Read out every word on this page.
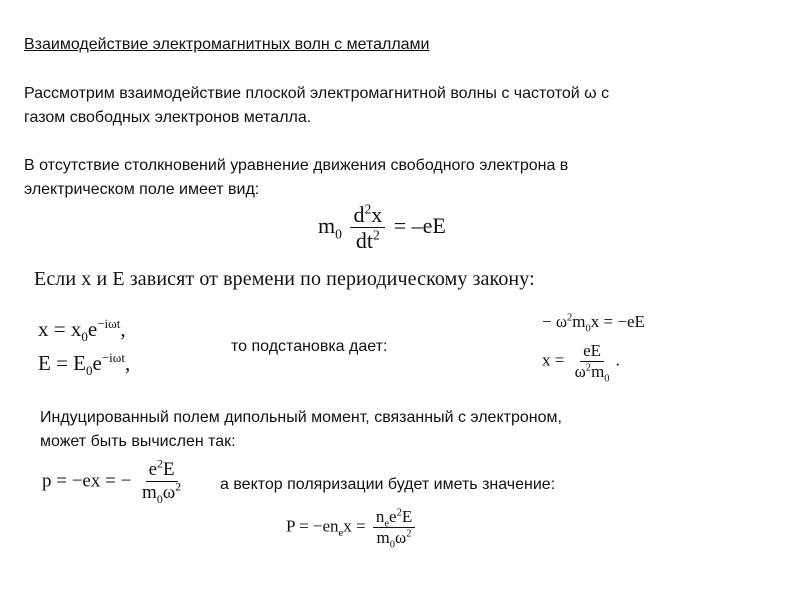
Взаимодействие электромагнитных волн с металлами
Рассмотрим взаимодействие плоской электромагнитной волны с частотой ω с
газом свободных электронов металла.
В отсутствие столкновений уравнение движения свободного электрона в
электрическом поле имеет вид:
$m_0 \frac{d^2x}{dt^2} = -eE$
Если x и E зависят от времени по периодическому закону:
$x = x_0e^{-i\omega t}$,
$E = E_0e^{-i\omega t}$,
то подстановка дает:
− $\omega^2m_0x = -eE$
$x = \frac{eE}{\omega^2m_0}$ .
Индуцированный полем дипольный момент, связанный с электроном,
может быть вычислен так:
p = −ex = − $\frac{e^2E}{m_0\omega^2}$ а вектор поляризации будет иметь значение:
$P = -en_ex = \frac{n_ee^2E}{m_0\omega^2}$
